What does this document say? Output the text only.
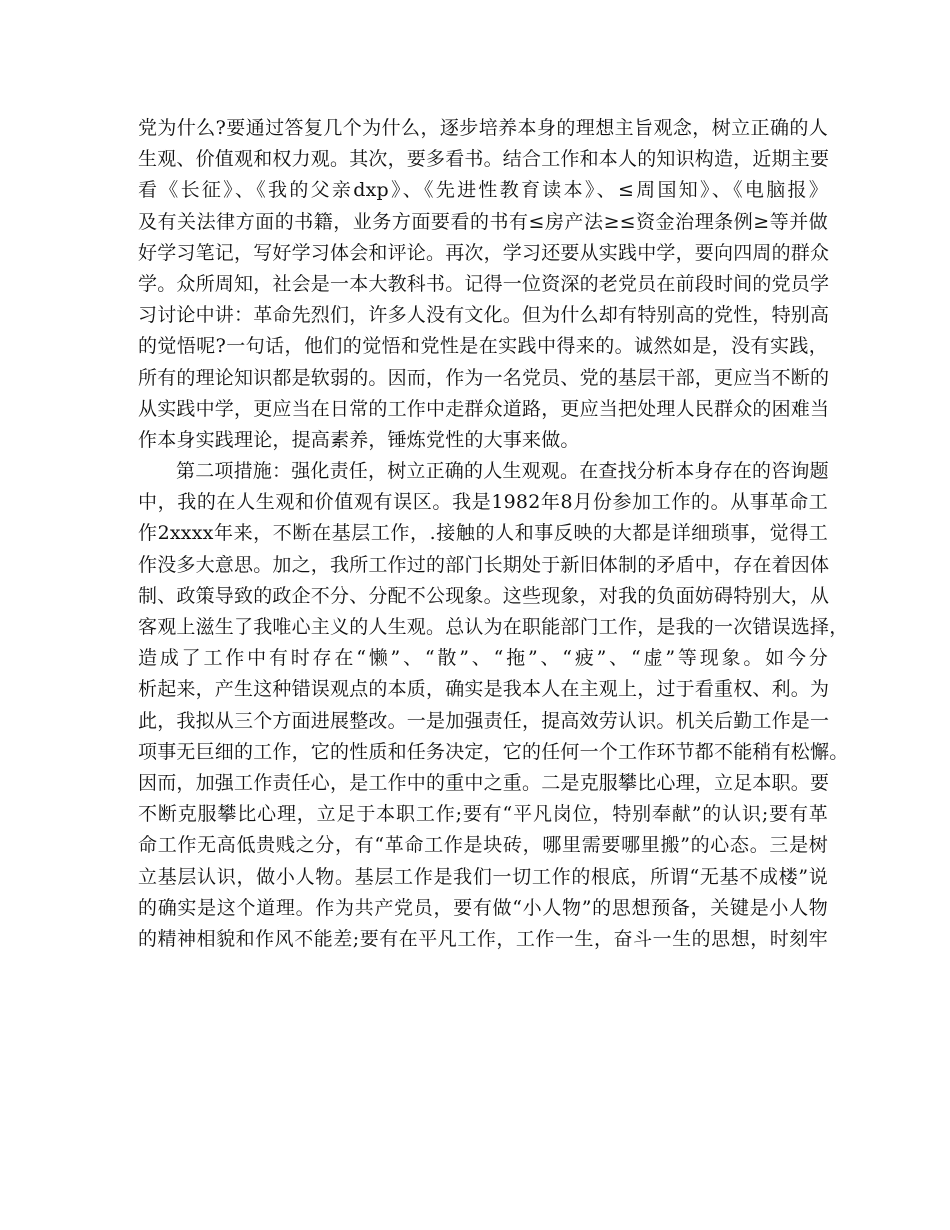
党为什么?要通过答复几个为什么，逐步培养本身的理想主旨观念，树立正确的人
生观、价值观和权力观。其次，要多看书。结合工作和本人的知识构造，近期主要
看《长征》、《我的父亲dxp》、《先进性教育读本》、≤周国知》、《电脑报》
及有关法律方面的书籍，业务方面要看的书有≤房产法≥≤资金治理条例≥等并做
好学习笔记，写好学习体会和评论。再次，学习还要从实践中学，要向四周的群众
学。众所周知，社会是一本大教科书。记得一位资深的老党员在前段时间的党员学
习讨论中讲：革命先烈们，许多人没有文化。但为什么却有特别高的党性，特别高
的觉悟呢?一句话，他们的觉悟和党性是在实践中得来的。诚然如是，没有实践，
所有的理论知识都是软弱的。因而，作为一名党员、党的基层干部，更应当不断的
从实践中学，更应当在日常的工作中走群众道路，更应当把处理人民群众的困难当
作本身实践理论，提高素养，锤炼党性的大事来做。
第二项措施：强化责任，树立正确的人生观观。在查找分析本身存在的咨询题
中，我的在人生观和价值观有误区。我是1982年8月份参加工作的。从事革命工
作2xxxx年来，不断在基层工作，.接触的人和事反映的大都是详细琐事，觉得工
作没多大意思。加之，我所工作过的部门长期处于新旧体制的矛盾中，存在着因体
制、政策导致的政企不分、分配不公现象。这些现象，对我的负面妨碍特别大，从
客观上滋生了我唯心主义的人生观。总认为在职能部门工作，是我的一次错误选择，
造成了工作中有时存在“懒”、“散”、“拖”、“疲”、“虚”等现象。如今分
析起来，产生这种错误观点的本质，确实是我本人在主观上，过于看重权、利。为
此，我拟从三个方面进展整改。一是加强责任，提高效劳认识。机关后勤工作是一
项事无巨细的工作，它的性质和任务决定，它的任何一个工作环节都不能稍有松懈。
因而，加强工作责任心，是工作中的重中之重。二是克服攀比心理，立足本职。要
不断克服攀比心理，立足于本职工作;要有“平凡岗位，特别奉献”的认识;要有革
命工作无高低贵贱之分，有“革命工作是块砖，哪里需要哪里搬”的心态。三是树
立基层认识，做小人物。基层工作是我们一切工作的根底，所谓“无基不成楼”说
的确实是这个道理。作为共产党员，要有做“小人物”的思想预备，关键是小人物
的精神相貌和作风不能差;要有在平凡工作，工作一生，奋斗一生的思想，时刻牢
